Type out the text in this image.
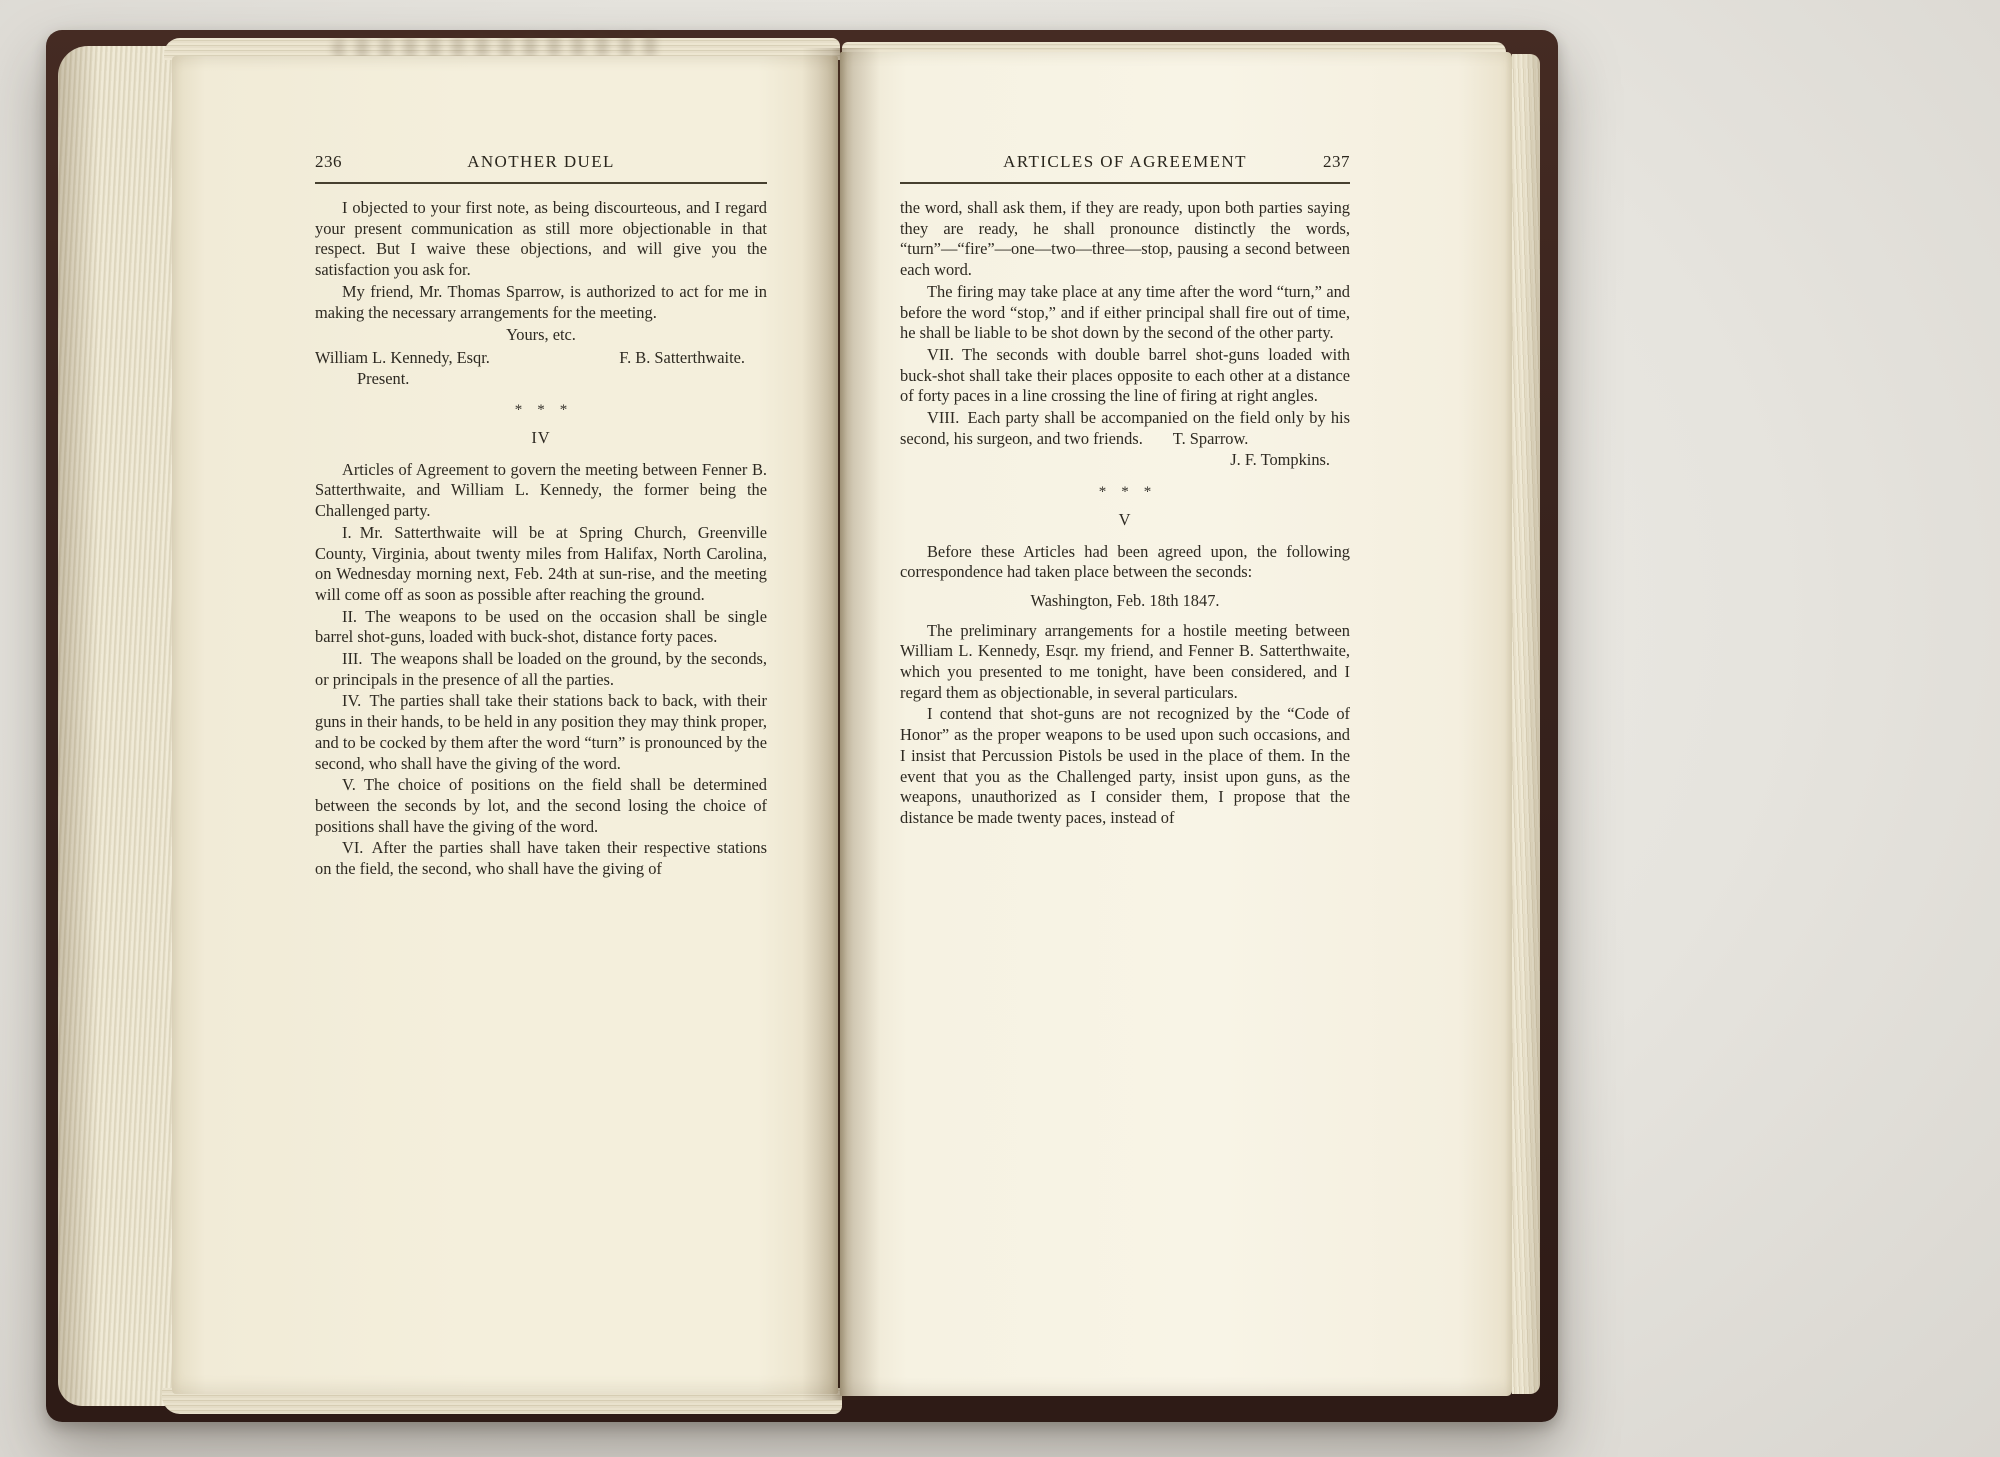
236	ANOTHER DUEL

I objected to your first note, as being discourteous, and I regard your present communication as still more objectionable in that respect. But I waive these objections, and will give you the satisfaction you ask for.

My friend, Mr. Thomas Sparrow, is authorized to act for me in making the necessary arrangements for the meeting.

Yours, etc.

William L. Kennedy, Esqr.	F. B. Satterthwaite.

Present.

* * *

IV

Articles of Agreement to govern the meeting between Fenner B. Satterthwaite, and William L. Kennedy, the former being the Challenged party.

I. Mr. Satterthwaite will be at Spring Church, Greenville County, Virginia, about twenty miles from Halifax, North Carolina, on Wednesday morning next, Feb. 24th at sun-rise, and the meeting will come off as soon as possible after reaching the ground.

II. The weapons to be used on the occasion shall be single barrel shot-guns, loaded with buck-shot, distance forty paces.

III. The weapons shall be loaded on the ground, by the seconds, or principals in the presence of all the parties.

IV. The parties shall take their stations back to back, with their guns in their hands, to be held in any position they may think proper, and to be cocked by them after the word “turn” is pronounced by the second, who shall have the giving of the word.

V. The choice of positions on the field shall be determined between the seconds by lot, and the second losing the choice of positions shall have the giving of the word.

VI. After the parties shall have taken their respective stations on the field, the second, who shall have the giving of

ARTICLES OF AGREEMENT	237

the word, shall ask them, if they are ready, upon both parties saying they are ready, he shall pronounce distinctly the words, “turn”—“fire”—one—two—three—stop, pausing a second between each word.

The firing may take place at any time after the word “turn,” and before the word “stop,” and if either principal shall fire out of time, he shall be liable to be shot down by the second of the other party.

VII. The seconds with double barrel shot-guns loaded with buck-shot shall take their places opposite to each other at a distance of forty paces in a line crossing the line of firing at right angles.

VIII. Each party shall be accompanied on the field only by his second, his surgeon, and two friends. T. Sparrow.

J. F. Tompkins.

* * *

V

Before these Articles had been agreed upon, the following correspondence had taken place between the seconds:

Washington, Feb. 18th 1847.

The preliminary arrangements for a hostile meeting between William L. Kennedy, Esqr. my friend, and Fenner B. Satterthwaite, which you presented to me tonight, have been considered, and I regard them as objectionable, in several particulars.

I contend that shot-guns are not recognized by the “Code of Honor” as the proper weapons to be used upon such occasions, and I insist that Percussion Pistols be used in the place of them. In the event that you as the Challenged party, insist upon guns, as the weapons, unauthorized as I consider them, I propose that the distance be made twenty paces, instead of
